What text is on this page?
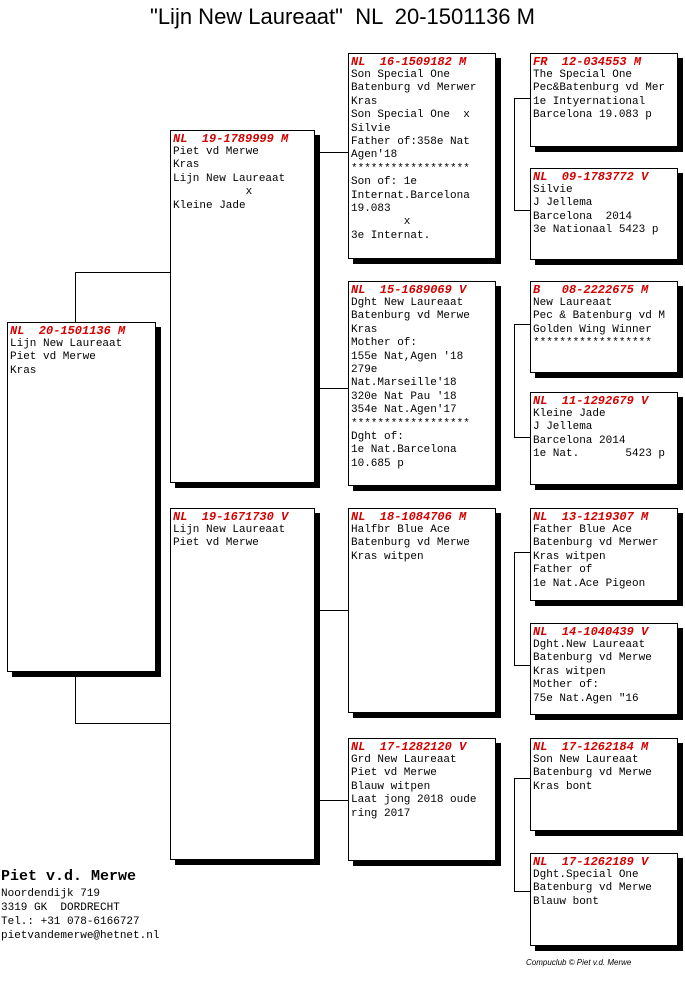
"Lijn New Laureaat"  NL  20-1501136 M
NL  20-1501136 M
Lijn New Laureaat
Piet vd Merwe
Kras
NL  19-1789999 M
Piet vd Merwe
Kras
Lijn New Laureaat
x
Kleine Jade
NL  19-1671730 V
Lijn New Laureaat
Piet vd Merwe
NL  16-1509182 M
Son Special One
Batenburg vd Merwer
Kras
Son Special One  x
Silvie
Father of:358e Nat
Agen'18
******************
Son of: 1e
Internat.Barcelona
19.083
x
3e Internat.
NL  15-1689069 V
Dght New Laureaat
Batenburg vd Merwe
Kras
Mother of:
155e Nat,Agen '18
279e
Nat.Marseille'18
320e Nat Pau '18
354e Nat.Agen'17
******************
Dght of:
1e Nat.Barcelona
10.685 p
NL  18-1084706 M
Halfbr Blue Ace
Batenburg vd Merwe
Kras witpen
NL  17-1282120 V
Grd New Laureaat
Piet vd Merwe
Blauw witpen
Laat jong 2018 oude
ring 2017
FR  12-034553 M
The Special One
Pec&Batenburg vd Mer
1e Intyernational
Barcelona 19.083 p
NL  09-1783772 V
Silvie
J Jellema
Barcelona  2014
3e Nationaal 5423 p
B   08-2222675 M
New Laureaat
Pec & Batenburg vd M
Golden Wing Winner
******************
NL  11-1292679 V
Kleine Jade
J Jellema
Barcelona 2014
1e Nat.       5423 p
NL  13-1219307 M
Father Blue Ace
Batenburg vd Merwer
Kras witpen
Father of
1e Nat.Ace Pigeon
NL  14-1040439 V
Dght.New Laureaat
Batenburg vd Merwe
Kras witpen
Mother of:
75e Nat.Agen "16
NL  17-1262184 M
Son New Laureaat
Batenburg vd Merwe
Kras bont
NL  17-1262189 V
Dght.Special One
Batenburg vd Merwe
Blauw bont
Piet v.d. Merwe
Noordendijk 719
3319 GK  DORDRECHT
Tel.: +31 078-6166727
pietvandemerwe@hetnet.nl
Compuclub © Piet v.d. Merwe
